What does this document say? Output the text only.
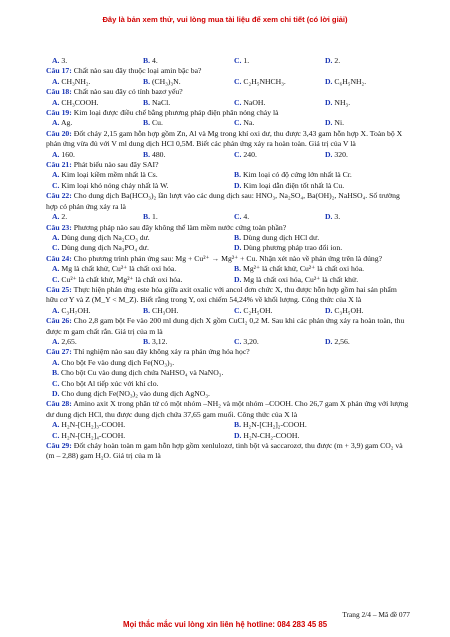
Đây là bản xem thử, vui lòng mua tài liệu để xem chi tiết (có lời giải)
A. 3.	B. 4.	C. 1.	D. 2.

Câu 17: Chất nào sau đây thuộc loại amin bậc ba?

A. CH₃NH₂.	B. (CH₃)₃N.	C. C₂H₅NHCH₃.	D. C₆H₅NH₂.

Câu 18: Chất nào sau đây có tính bazơ yếu?

A. CH₃COOH.	B. NaCl.	C. NaOH.	D. NH₃.

Câu 19: Kim loại được điều chế bằng phương pháp điện phân nóng chảy là

A. Ag.	B. Cu.	C. Na.	D. Ni.

Câu 20: Đốt cháy 2,15 gam hỗn hợp gồm Zn, Al và Mg trong khí oxi dư, thu được 3,43 gam hỗn hợp X. Toàn bộ X phản ứng vừa đủ với V ml dung dịch HCl 0,5M. Biết các phản ứng xảy ra hoàn toàn. Giá trị của V là

A. 160.	B. 480.	C. 240.	D. 320.

Câu 21: Phát biểu nào sau đây SAI?

A. Kim loại kiềm mềm nhất là Cs.	B. Kim loại có độ cứng lớn nhất là Cr.
C. Kim loại khó nóng chảy nhất là W.	D. Kim loại dẫn điện tốt nhất là Cu.

Câu 22: Cho dung dịch Ba(HCO₃)₂ lần lượt vào các dung dịch sau: HNO₃, Na₂SO₄, Ba(OH)₂, NaHSO₄. Số trường hợp có phản ứng xảy ra là

A. 2.	B. 1.	C. 4.	D. 3.

Câu 23: Phương pháp nào sau đây không thể làm mềm nước cứng toàn phần?

A. Dùng dung dịch Na₂CO₃ dư.	B. Dùng dung dịch HCl dư.
C. Dùng dung dịch Na₃PO₄ dư.	D. Dùng phương pháp trao đổi ion.

Câu 24: Cho phương trình phản ứng sau: Mg + Cu²⁺ → Mg²⁺ + Cu. Nhận xét nào về phản ứng trên là đúng?

A. Mg là chất khử, Cu²⁺ là chất oxi hóa.	B. Mg²⁺ là chất khử, Cu²⁺ là chất oxi hóa.
C. Cu²⁺ là chất khử, Mg²⁺ là chất oxi hóa.	D. Mg là chất oxi hóa, Cu²⁺ là chất khử.

Câu 25: Thực hiện phản ứng este hóa giữa axit oxalic với ancol đơn chức X, thu được hỗn hợp gồm hai sản phẩm hữu cơ Y và Z (M_Y < M_Z). Biết rằng trong Y, oxi chiếm 54,24% về khối lượng. Công thức của X là

A. C₃H₇OH.	B. CH₃OH.	C. C₂H₅OH.	D. C₃H₅OH.

Câu 26: Cho 2,8 gam bột Fe vào 200 ml dung dịch X gồm CuCl₂ 0,2 M. Sau khi các phản ứng xảy ra hoàn toàn, thu được m gam chất rắn. Giá trị của m là

A. 2,65.	B. 3,12.	C. 3,20.	D. 2,56.

Câu 27: Thí nghiệm nào sau đây không xảy ra phản ứng hóa học?

A. Cho bột Fe vào dung dịch Fe(NO₃)₃.
B. Cho bột Cu vào dung dịch chứa NaHSO₄ và NaNO₃.
C. Cho bột Al tiếp xúc với khí clo.
D. Cho dung dịch Fe(NO₃)₂ vào dung dịch AgNO₃.

Câu 28: Amino axit X trong phân tử có một nhóm –NH₂ và một nhóm –COOH. Cho 26,7 gam X phản ứng với lượng dư dung dịch HCl, thu được dung dịch chứa 37,65 gam muối. Công thức của X là

A. H₂N-[CH₂]₃-COOH.	B. H₂N-[CH₂]₂-COOH.
C. H₂N-[CH₂]₄-COOH.	D. H₂N-CH₂-COOH.

Câu 29: Đốt cháy hoàn toàn m gam hỗn hợp gồm xenlulozơ, tinh bột và saccarozơ, thu được (m + 3,9) gam CO₂ và (m – 2,88) gam H₂O. Giá trị của m là

Trang 2/4 – Mã đề 077
Mọi thắc mắc vui lòng xin liên hệ hotline: 084 283 45 85
